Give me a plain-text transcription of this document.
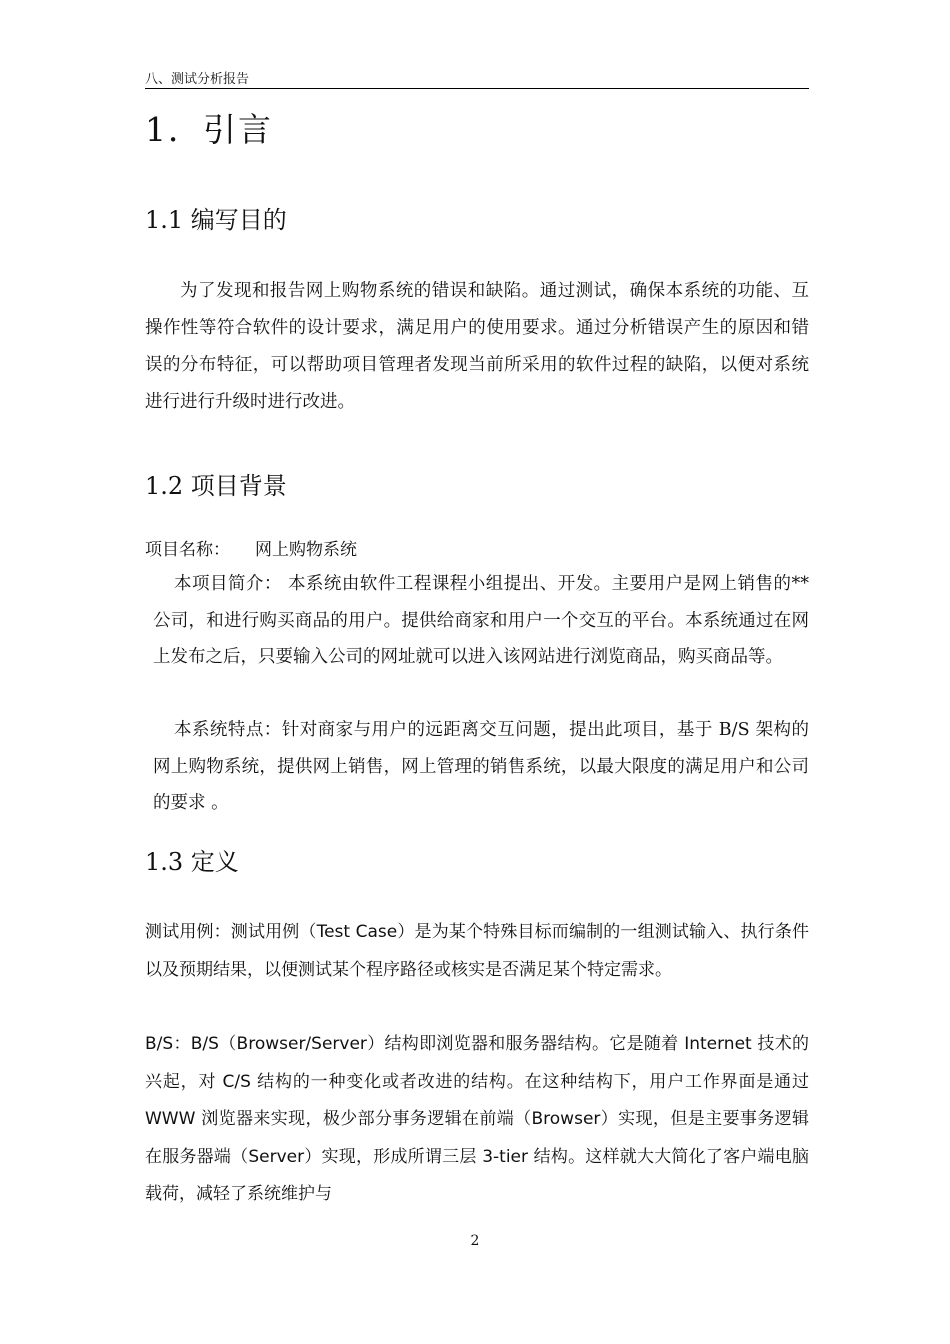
八、测试分析报告
1．引言
1.1 编写目的
为了发现和报告网上购物系统的错误和缺陷。通过测试，确保本系统的功能、互操作性等符合软件的设计要求，满足用户的使用要求。通过分析错误产生的原因和错误的分布特征，可以帮助项目管理者发现当前所采用的软件过程的缺陷，以便对系统进行进行升级时进行改进。
1.2 项目背景
项目名称： 网上购物系统
本项目简介： 本系统由软件工程课程小组提出、开发。主要用户是网上销售的**公司，和进行购买商品的用户。提供给商家和用户一个交互的平台。本系统通过在网上发布之后，只要输入公司的网址就可以进入该网站进行浏览商品，购买商品等。
本系统特点：针对商家与用户的远距离交互问题，提出此项目，基于 B/S 架构的网上购物系统，提供网上销售，网上管理的销售系统，以最大限度的满足用户和公司的要求 。
1.3 定义
测试用例：测试用例（Test Case）是为某个特殊目标而编制的一组测试输入、执行条件以及预期结果，以便测试某个程序路径或核实是否满足某个特定需求。
B/S：B/S（Browser/Server）结构即浏览器和服务器结构。它是随着 Internet 技术的兴起，对 C/S 结构的一种变化或者改进的结构。在这种结构下，用户工作界面是通过 WWW 浏览器来实现，极少部分事务逻辑在前端（Browser）实现，但是主要事务逻辑在服务器端（Server）实现，形成所谓三层 3-tier 结构。这样就大大简化了客户端电脑载荷，减轻了系统维护与
2
